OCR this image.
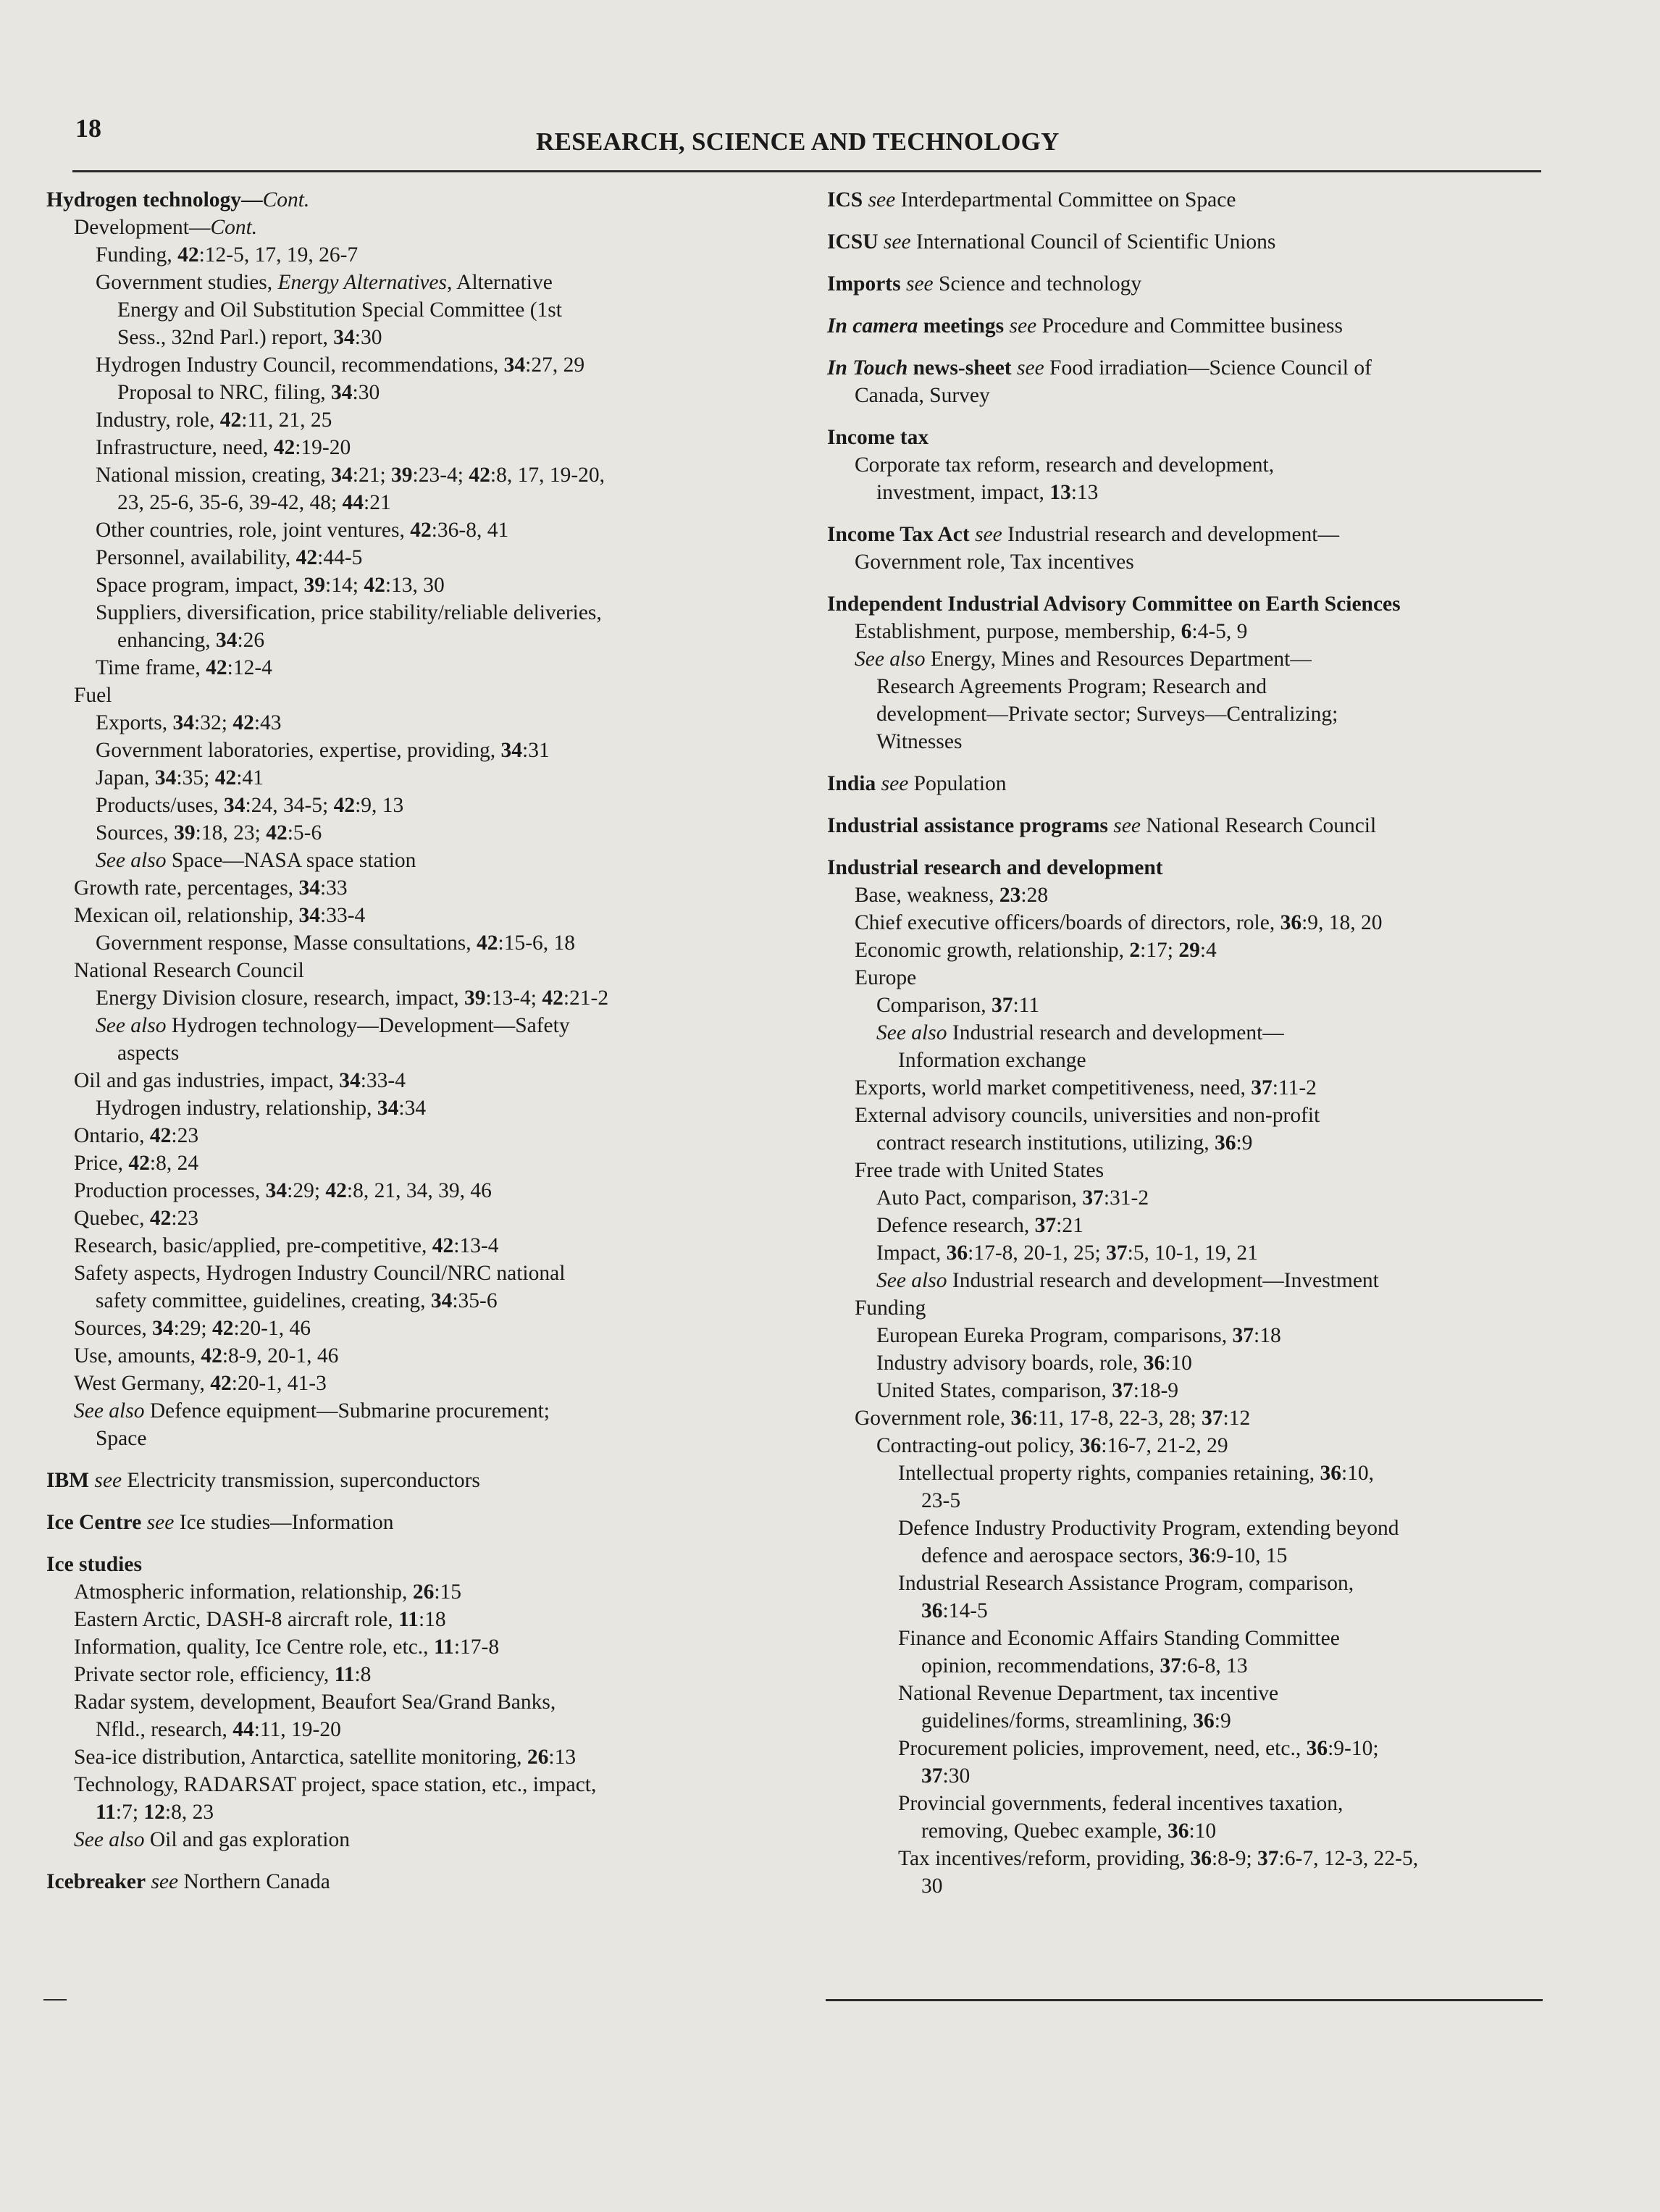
18	RESEARCH, SCIENCE AND TECHNOLOGY
Hydrogen technology—Cont.
Development—Cont.
Funding, 42:12-5, 17, 19, 26-7
Government studies, Energy Alternatives, Alternative
Energy and Oil Substitution Special Committee (1st
Sess., 32nd Parl.) report, 34:30
Hydrogen Industry Council, recommendations, 34:27, 29
Proposal to NRC, filing, 34:30
Industry, role, 42:11, 21, 25
Infrastructure, need, 42:19-20
National mission, creating, 34:21; 39:23-4; 42:8, 17, 19-20,
23, 25-6, 35-6, 39-42, 48; 44:21
Other countries, role, joint ventures, 42:36-8, 41
Personnel, availability, 42:44-5
Space program, impact, 39:14; 42:13, 30
Suppliers, diversification, price stability/reliable deliveries,
enhancing, 34:26
Time frame, 42:12-4
Fuel
Exports, 34:32; 42:43
Government laboratories, expertise, providing, 34:31
Japan, 34:35; 42:41
Products/uses, 34:24, 34-5; 42:9, 13
Sources, 39:18, 23; 42:5-6
See also Space—NASA space station
Growth rate, percentages, 34:33
Mexican oil, relationship, 34:33-4
Government response, Masse consultations, 42:15-6, 18
National Research Council
Energy Division closure, research, impact, 39:13-4; 42:21-2
See also Hydrogen technology—Development—Safety
aspects
Oil and gas industries, impact, 34:33-4
Hydrogen industry, relationship, 34:34
Ontario, 42:23
Price, 42:8, 24
Production processes, 34:29; 42:8, 21, 34, 39, 46
Quebec, 42:23
Research, basic/applied, pre-competitive, 42:13-4
Safety aspects, Hydrogen Industry Council/NRC national
safety committee, guidelines, creating, 34:35-6
Sources, 34:29; 42:20-1, 46
Use, amounts, 42:8-9, 20-1, 46
West Germany, 42:20-1, 41-3
See also Defence equipment—Submarine procurement;
Space
IBM see Electricity transmission, superconductors
Ice Centre see Ice studies—Information
Ice studies
Atmospheric information, relationship, 26:15
Eastern Arctic, DASH-8 aircraft role, 11:18
Information, quality, Ice Centre role, etc., 11:17-8
Private sector role, efficiency, 11:8
Radar system, development, Beaufort Sea/Grand Banks,
Nfld., research, 44:11, 19-20
Sea-ice distribution, Antarctica, satellite monitoring, 26:13
Technology, RADARSAT project, space station, etc., impact,
11:7; 12:8, 23
See also Oil and gas exploration
Icebreaker see Northern Canada
ICS see Interdepartmental Committee on Space
ICSU see International Council of Scientific Unions
Imports see Science and technology
In camera meetings see Procedure and Committee business
In Touch news-sheet see Food irradiation—Science Council of
Canada, Survey
Income tax
Corporate tax reform, research and development,
investment, impact, 13:13
Income Tax Act see Industrial research and development—
Government role, Tax incentives
Independent Industrial Advisory Committee on Earth Sciences
Establishment, purpose, membership, 6:4-5, 9
See also Energy, Mines and Resources Department—
Research Agreements Program; Research and
development—Private sector; Surveys—Centralizing;
Witnesses
India see Population
Industrial assistance programs see National Research Council
Industrial research and development
Base, weakness, 23:28
Chief executive officers/boards of directors, role, 36:9, 18, 20
Economic growth, relationship, 2:17; 29:4
Europe
Comparison, 37:11
See also Industrial research and development—
Information exchange
Exports, world market competitiveness, need, 37:11-2
External advisory councils, universities and non-profit
contract research institutions, utilizing, 36:9
Free trade with United States
Auto Pact, comparison, 37:31-2
Defence research, 37:21
Impact, 36:17-8, 20-1, 25; 37:5, 10-1, 19, 21
See also Industrial research and development—Investment
Funding
European Eureka Program, comparisons, 37:18
Industry advisory boards, role, 36:10
United States, comparison, 37:18-9
Government role, 36:11, 17-8, 22-3, 28; 37:12
Contracting-out policy, 36:16-7, 21-2, 29
Intellectual property rights, companies retaining, 36:10,
23-5
Defence Industry Productivity Program, extending beyond
defence and aerospace sectors, 36:9-10, 15
Industrial Research Assistance Program, comparison,
36:14-5
Finance and Economic Affairs Standing Committee
opinion, recommendations, 37:6-8, 13
National Revenue Department, tax incentive
guidelines/forms, streamlining, 36:9
Procurement policies, improvement, need, etc., 36:9-10;
37:30
Provincial governments, federal incentives taxation,
removing, Quebec example, 36:10
Tax incentives/reform, providing, 36:8-9; 37:6-7, 12-3, 22-5,
30
